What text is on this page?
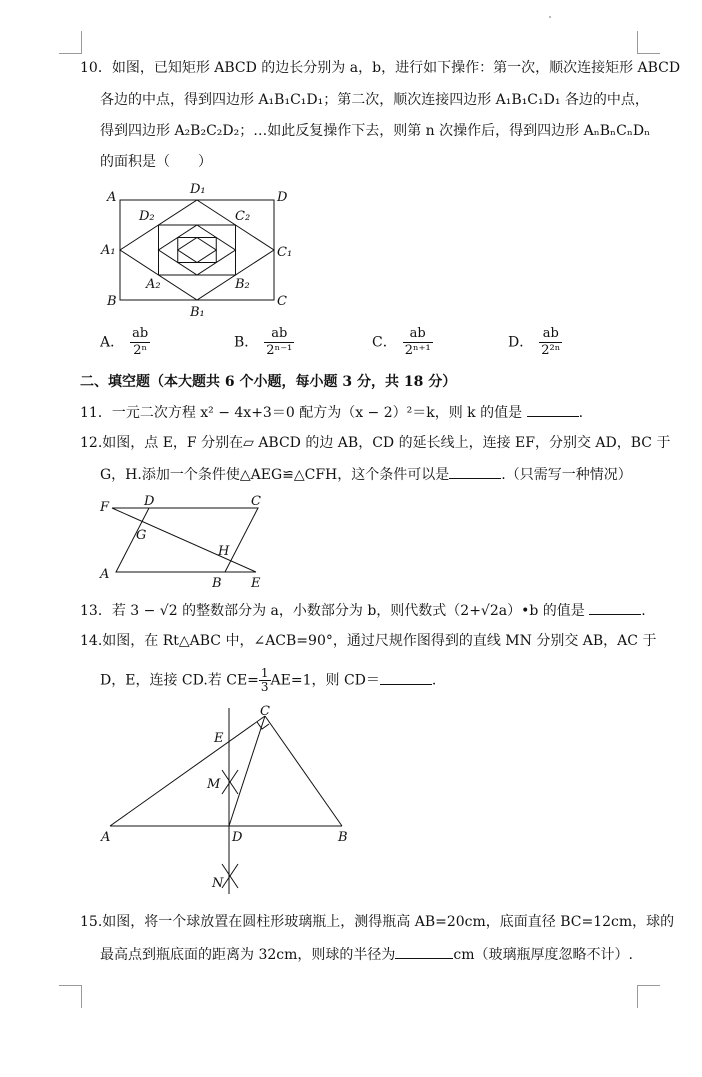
10．如图，已知矩形 ABCD 的边长分别为 a，b，进行如下操作：第一次，顺次连接矩形 ABCD
各边的中点，得到四边形 A₁B₁C₁D₁；第二次，顺次连接四边形 A₁B₁C₁D₁ 各边的中点，
得到四边形 A₂B₂C₂D₂；…如此反复操作下去，则第 n 次操作后，得到四边形 AₙBₙCₙDₙ
的面积是（　　）
A	D
B	C
D₁
B₁
A₁	C₁
D₂	C₂
A₂	B₂
A． $\frac{ab}{\text{2ⁿ}}$	B． $\frac{ab}{\text{2ⁿ⁻¹}}$	C． $\frac{ab}{\text{2ⁿ⁺¹}}$	D． $\frac{ab}{\text{2²ⁿ}}$
二、填空题（本大题共 6 个小题，每小题 3 分，共 18 分）
11．一元二次方程 x² − 4x+3＝0 配方为（x − 2）²＝k，则 k 的值是	.
12.如图，点 E，F 分别在▱ ABCD 的边 AB，CD 的延长线上，连接 EF，分别交 AD，BC 于
G，H.添加一个条件使△AEG≌△CFH，这个条件可以是	.（只需写一种情况）
F	D	C
G
H
A
B E
13．若 3 − √2 的整数部分为 a，小数部分为 b，则代数式（2+√2a）•b 的值是	.
14.如图，在 Rt△ABC 中，∠ACB=90°，通过尺规作图得到的直线 MN 分别交 AB，AC 于
D，E，连接 CD.若 $CE= \frac{1}{3} AE=1$，则 CD＝	.
C
E
M
A	D	B
N
15.如图，将一个球放置在圆柱形玻璃瓶上，测得瓶高 AB=20cm，底面直径 BC=12cm，球的
最高点到瓶底面的距离为 32cm，则球的半径为	cm（玻璃瓶厚度忽略不计）.
